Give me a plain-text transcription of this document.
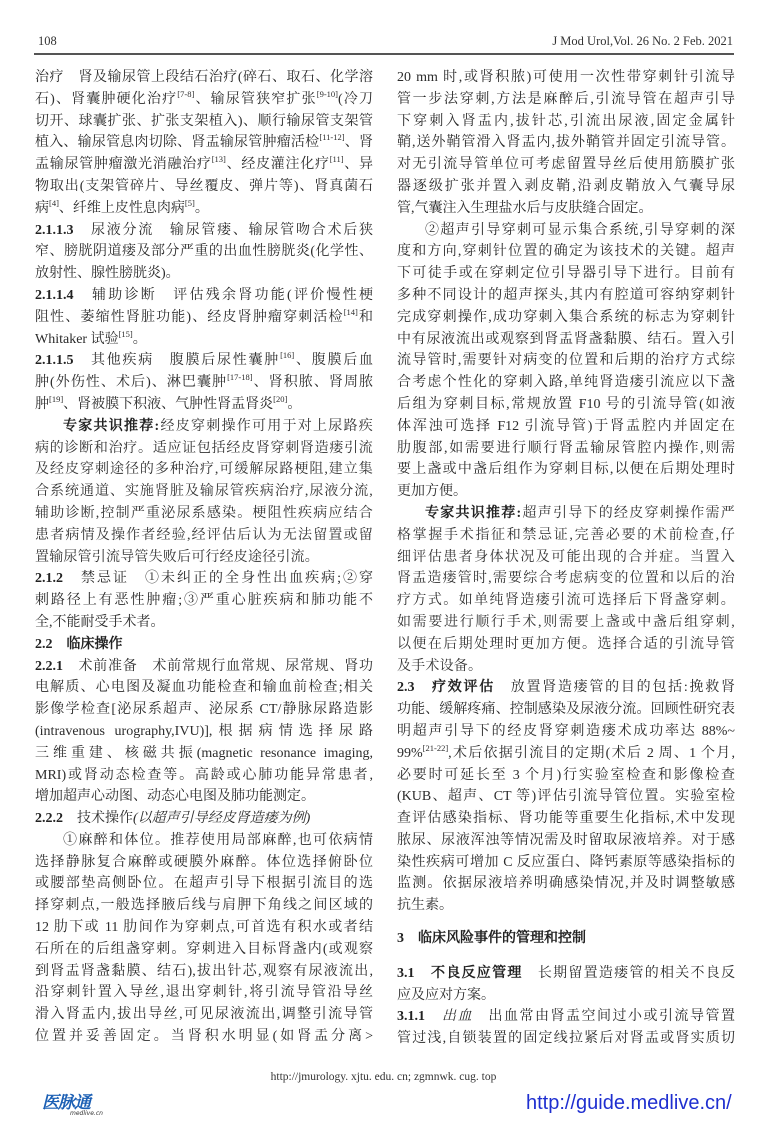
108	J Mod Urol,Vol. 26 No. 2 Feb. 2021
治疗　肾及输尿管上段结石治疗(碎石、取石、化学溶
石)、肾囊肿硬化治疗[7-8]、输尿管狭窄扩张[9-10](冷刀
切开、球囊扩张、扩张支架植入)、顺行输尿管支架管
植入、输尿管息肉切除、肾盂输尿管肿瘤活检[11-12]、肾
盂输尿管肿瘤激光消融治疗[13]、经皮灌注化疗[11]、异
物取出(支架管碎片、导丝覆皮、弹片等)、肾真菌石
病[4]、纤维上皮性息肉病[5]。
2.1.1.3　尿液分流　输尿管瘘、输尿管吻合术后狭
窄、膀胱阴道瘘及部分严重的出血性膀胱炎(化学性、
放射性、腺性膀胱炎)。
2.1.1.4　辅助诊断　评估残余肾功能(评价慢性梗
阻性、萎缩性肾脏功能)、经皮肾肿瘤穿刺活检[14]和
Whitaker 试验[15]。
2.1.1.5　其他疾病　腹膜后尿性囊肿[16]、腹膜后血
肿(外伤性、术后)、淋巴囊肿[17-18]、肾积脓、肾周脓
肿[19]、肾被膜下积液、气肿性肾盂肾炎[20]。
专家共识推荐:经皮穿刺操作可用于对上尿路疾
病的诊断和治疗。适应证包括经皮肾穿刺肾造瘘引流
及经皮穿刺途径的多种治疗,可缓解尿路梗阻,建立集
合系统通道、实施肾脏及输尿管疾病治疗,尿液分流,
辅助诊断,控制严重泌尿系感染。梗阻性疾病应结合
患者病情及操作者经验,经评估后认为无法留置或留
置输尿管引流导管失败后可行经皮途径引流。
2.1.2　禁忌证　①未纠正的全身性出血疾病;②穿
刺路径上有恶性肿瘤;③严重心脏疾病和肺功能不
全,不能耐受手术者。
2.2　临床操作
2.2.1　术前准备　术前常规行血常规、尿常规、肾功
电解质、心电图及凝血功能检查和输血前检查;相关
影像学检查[泌尿系超声、泌尿系 CT/静脉尿路造影
(intravenous urography,IVU)],根据病情选择尿路
三维重建、核磁共振(magnetic resonance imaging,
MRI)或肾动态检查等。高龄或心肺功能异常患者,
增加超声心动图、动态心电图及肺功能测定。
2.2.2　技术操作(以超声引导经皮肾造瘘为例)
①麻醉和体位。推荐使用局部麻醉,也可依病情
选择静脉复合麻醉或硬膜外麻醉。体位选择俯卧位
或腰部垫高侧卧位。在超声引导下根据引流目的选
择穿刺点,一般选择腋后线与肩胛下角线之间区域的
12 肋下或 11 肋间作为穿刺点,可首选有积水或者结
石所在的后组盏穿刺。穿刺进入目标肾盏内(或观察
到肾盂肾盏黏膜、结石),拔出针芯,观察有尿液流出,
沿穿刺针置入导丝,退出穿刺针,将引流导管沿导丝
滑入肾盂内,拔出导丝,可见尿液流出,调整引流导管
位置并妥善固定。当肾积水明显(如肾盂分离>
20 mm 时,或肾积脓)可使用一次性带穿刺针引流导
管一步法穿刺,方法是麻醉后,引流导管在超声引导
下穿刺入肾盂内,拔针芯,引流出尿液,固定金属针
鞘,送外鞘管滑入肾盂内,拔外鞘管并固定引流导管。
对无引流导管单位可考虑留置导丝后使用筋膜扩张
器逐级扩张并置入剥皮鞘,沿剥皮鞘放入气囊导尿
管,气囊注入生理盐水后与皮肤缝合固定。
②超声引导穿刺可显示集合系统,引导穿刺的深
度和方向,穿刺针位置的确定为该技术的关键。超声
下可徒手或在穿刺定位引导器引导下进行。目前有
多种不同设计的超声探头,其内有腔道可容纳穿刺针
完成穿刺操作,成功穿刺入集合系统的标志为穿刺针
中有尿液流出或观察到肾盂肾盏黏膜、结石。置入引
流导管时,需要针对病变的位置和后期的治疗方式综
合考虑个性化的穿刺入路,单纯肾造瘘引流应以下盏
后组为穿刺目标,常规放置 F10 号的引流导管(如液
体浑浊可选择 F12 引流导管)于肾盂腔内并固定在
肋腹部,如需要进行顺行肾盂输尿管腔内操作,则需
要上盏或中盏后组作为穿刺目标,以便在后期处理时
更加方便。
专家共识推荐:超声引导下的经皮穿刺操作需严
格掌握手术指征和禁忌证,完善必要的术前检查,仔
细评估患者身体状况及可能出现的合并症。当置入
肾盂造瘘管时,需要综合考虑病变的位置和以后的治
疗方式。如单纯肾造瘘引流可选择后下肾盏穿刺。
如需要进行顺行手术,则需要上盏或中盏后组穿刺,
以便在后期处理时更加方便。选择合适的引流导管
及手术设备。
2.3　疗效评估　放置肾造瘘管的目的包括:挽救肾
功能、缓解疼痛、控制感染及尿液分流。回顾性研究表
明超声引导下的经皮肾穿刺造瘘术成功率达 88%~
99%[21-22],术后依据引流目的定期(术后 2 周、1 个月,
必要时可延长至 3 个月)行实验室检查和影像检查
(KUB、超声、CT 等)评估引流导管位置。实验室检
查评估感染指标、肾功能等重要生化指标,术中发现
脓尿、尿液浑浊等情况需及时留取尿液培养。对于感
染性疾病可增加 C 反应蛋白、降钙素原等感染指标的
监测。依据尿液培养明确感染情况,并及时调整敏感
抗生素。
3　临床风险事件的管理和控制
3.1　不良反应管理　长期留置造瘘管的相关不良反
应及应对方案。
3.1.1　 出血　出血常由肾盂空间过小或引流导管置
管过浅,自锁装置的固定线拉紧后对肾盂或肾实质切
http://jmurology. xjtu. edu. cn; zgmnwk. cug. top
医脉通
medlive.cn	http://guide.medlive.cn/
